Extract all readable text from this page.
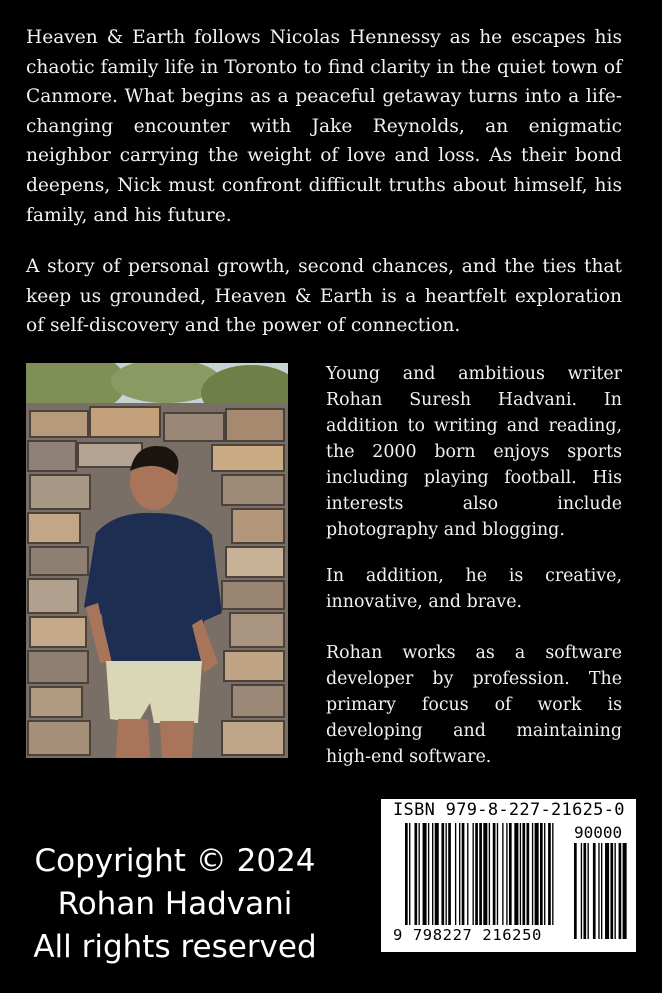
Heaven & Earth follows Nicolas Hennessy as he escapes his chaotic family life in Toronto to find clarity in the quiet town of Canmore. What begins as a peaceful getaway turns into a life-changing encounter with Jake Reynolds, an enigmatic neighbor carrying the weight of love and loss. As their bond deepens, Nick must confront difficult truths about himself, his family, and his future.

A story of personal growth, second chances, and the ties that keep us grounded, Heaven & Earth is a heartfelt exploration of self-discovery and the power of connection.

Young and ambitious writer Rohan Suresh Hadvani. In addition to writing and reading, the 2000 born enjoys sports including playing football. His interests also include photography and blogging.

In addition, he is creative, innovative, and brave.

Rohan works as a software developer by profession. The primary focus of work is developing and maintaining high-end software.

Copyright © 2024
Rohan Hadvani
All rights reserved
ISBN 979-8-227-21625-0
90000
9 798227 216250
